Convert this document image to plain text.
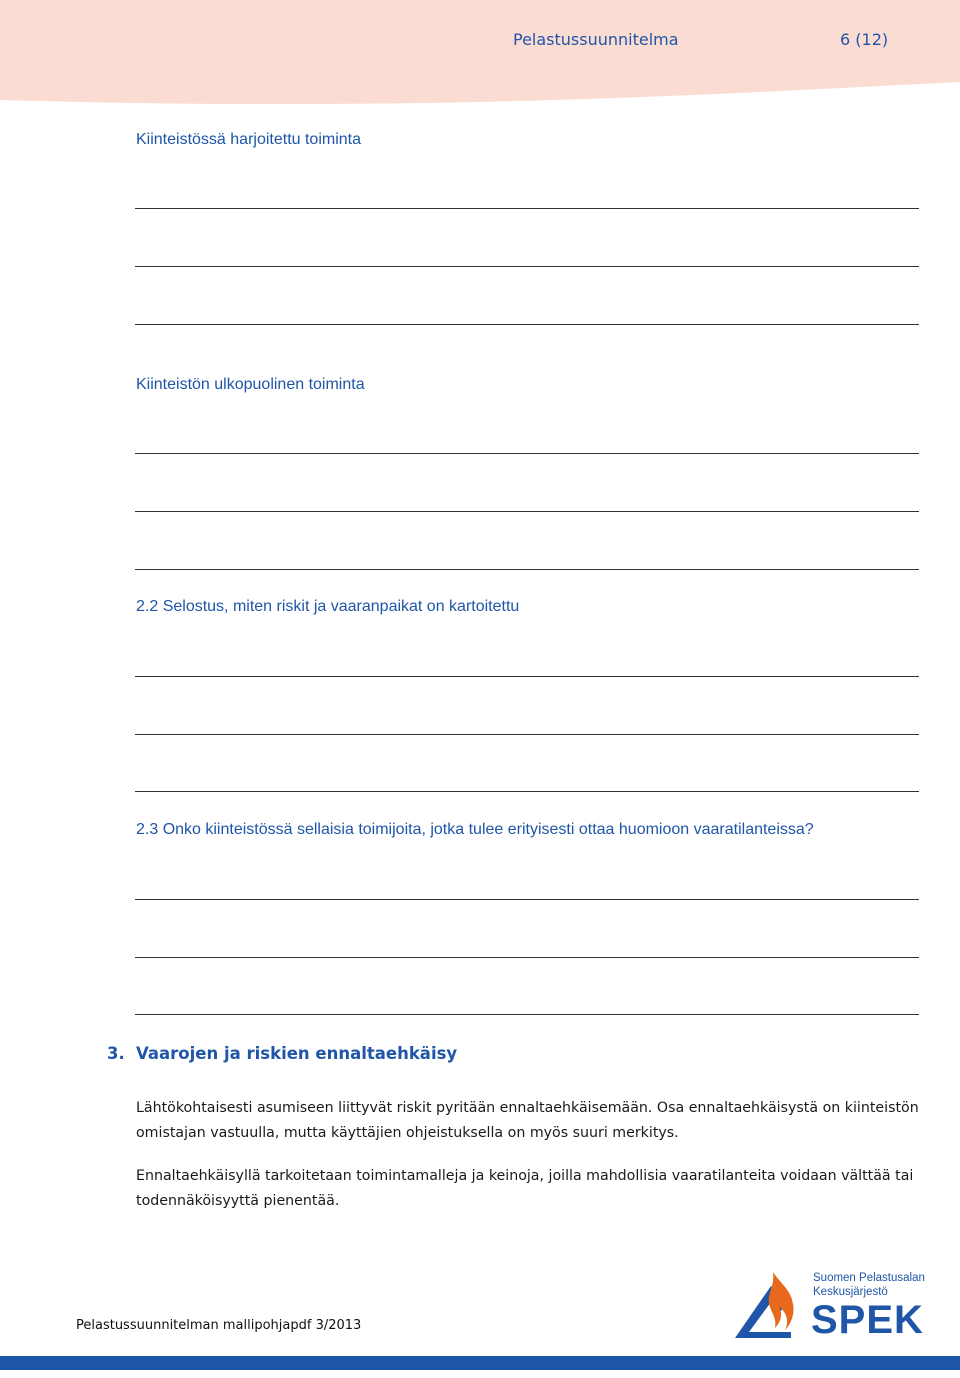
Pelastussuunnitelma	6 (12)
Kiinteistössä harjoitettu toiminta
Kiinteistön ulkopuolinen toiminta
2.2 Selostus, miten riskit ja vaaranpaikat on kartoitettu
2.3 Onko kiinteistössä sellaisia toimijoita, jotka tulee erityisesti ottaa huomioon vaaratilanteissa?
3. Vaarojen ja riskien ennaltaehkäisy
Lähtökohtaisesti asumiseen liittyvät riskit pyritään ennaltaehkäisemään. Osa ennaltaehkäisystä on kiinteistön omistajan vastuulla, mutta käyttäjien ohjeistuksella on myös suuri merkitys.
Ennaltaehkäisyllä tarkoitetaan toimintamalleja ja keinoja, joilla mahdollisia vaaratilanteita voidaan välttää tai todennäköisyyttä pienentää.
Pelastussuunnitelman mallipohjapdf 3/2013
Suomen Pelastusalan
Keskusjärjestö
SPEK
